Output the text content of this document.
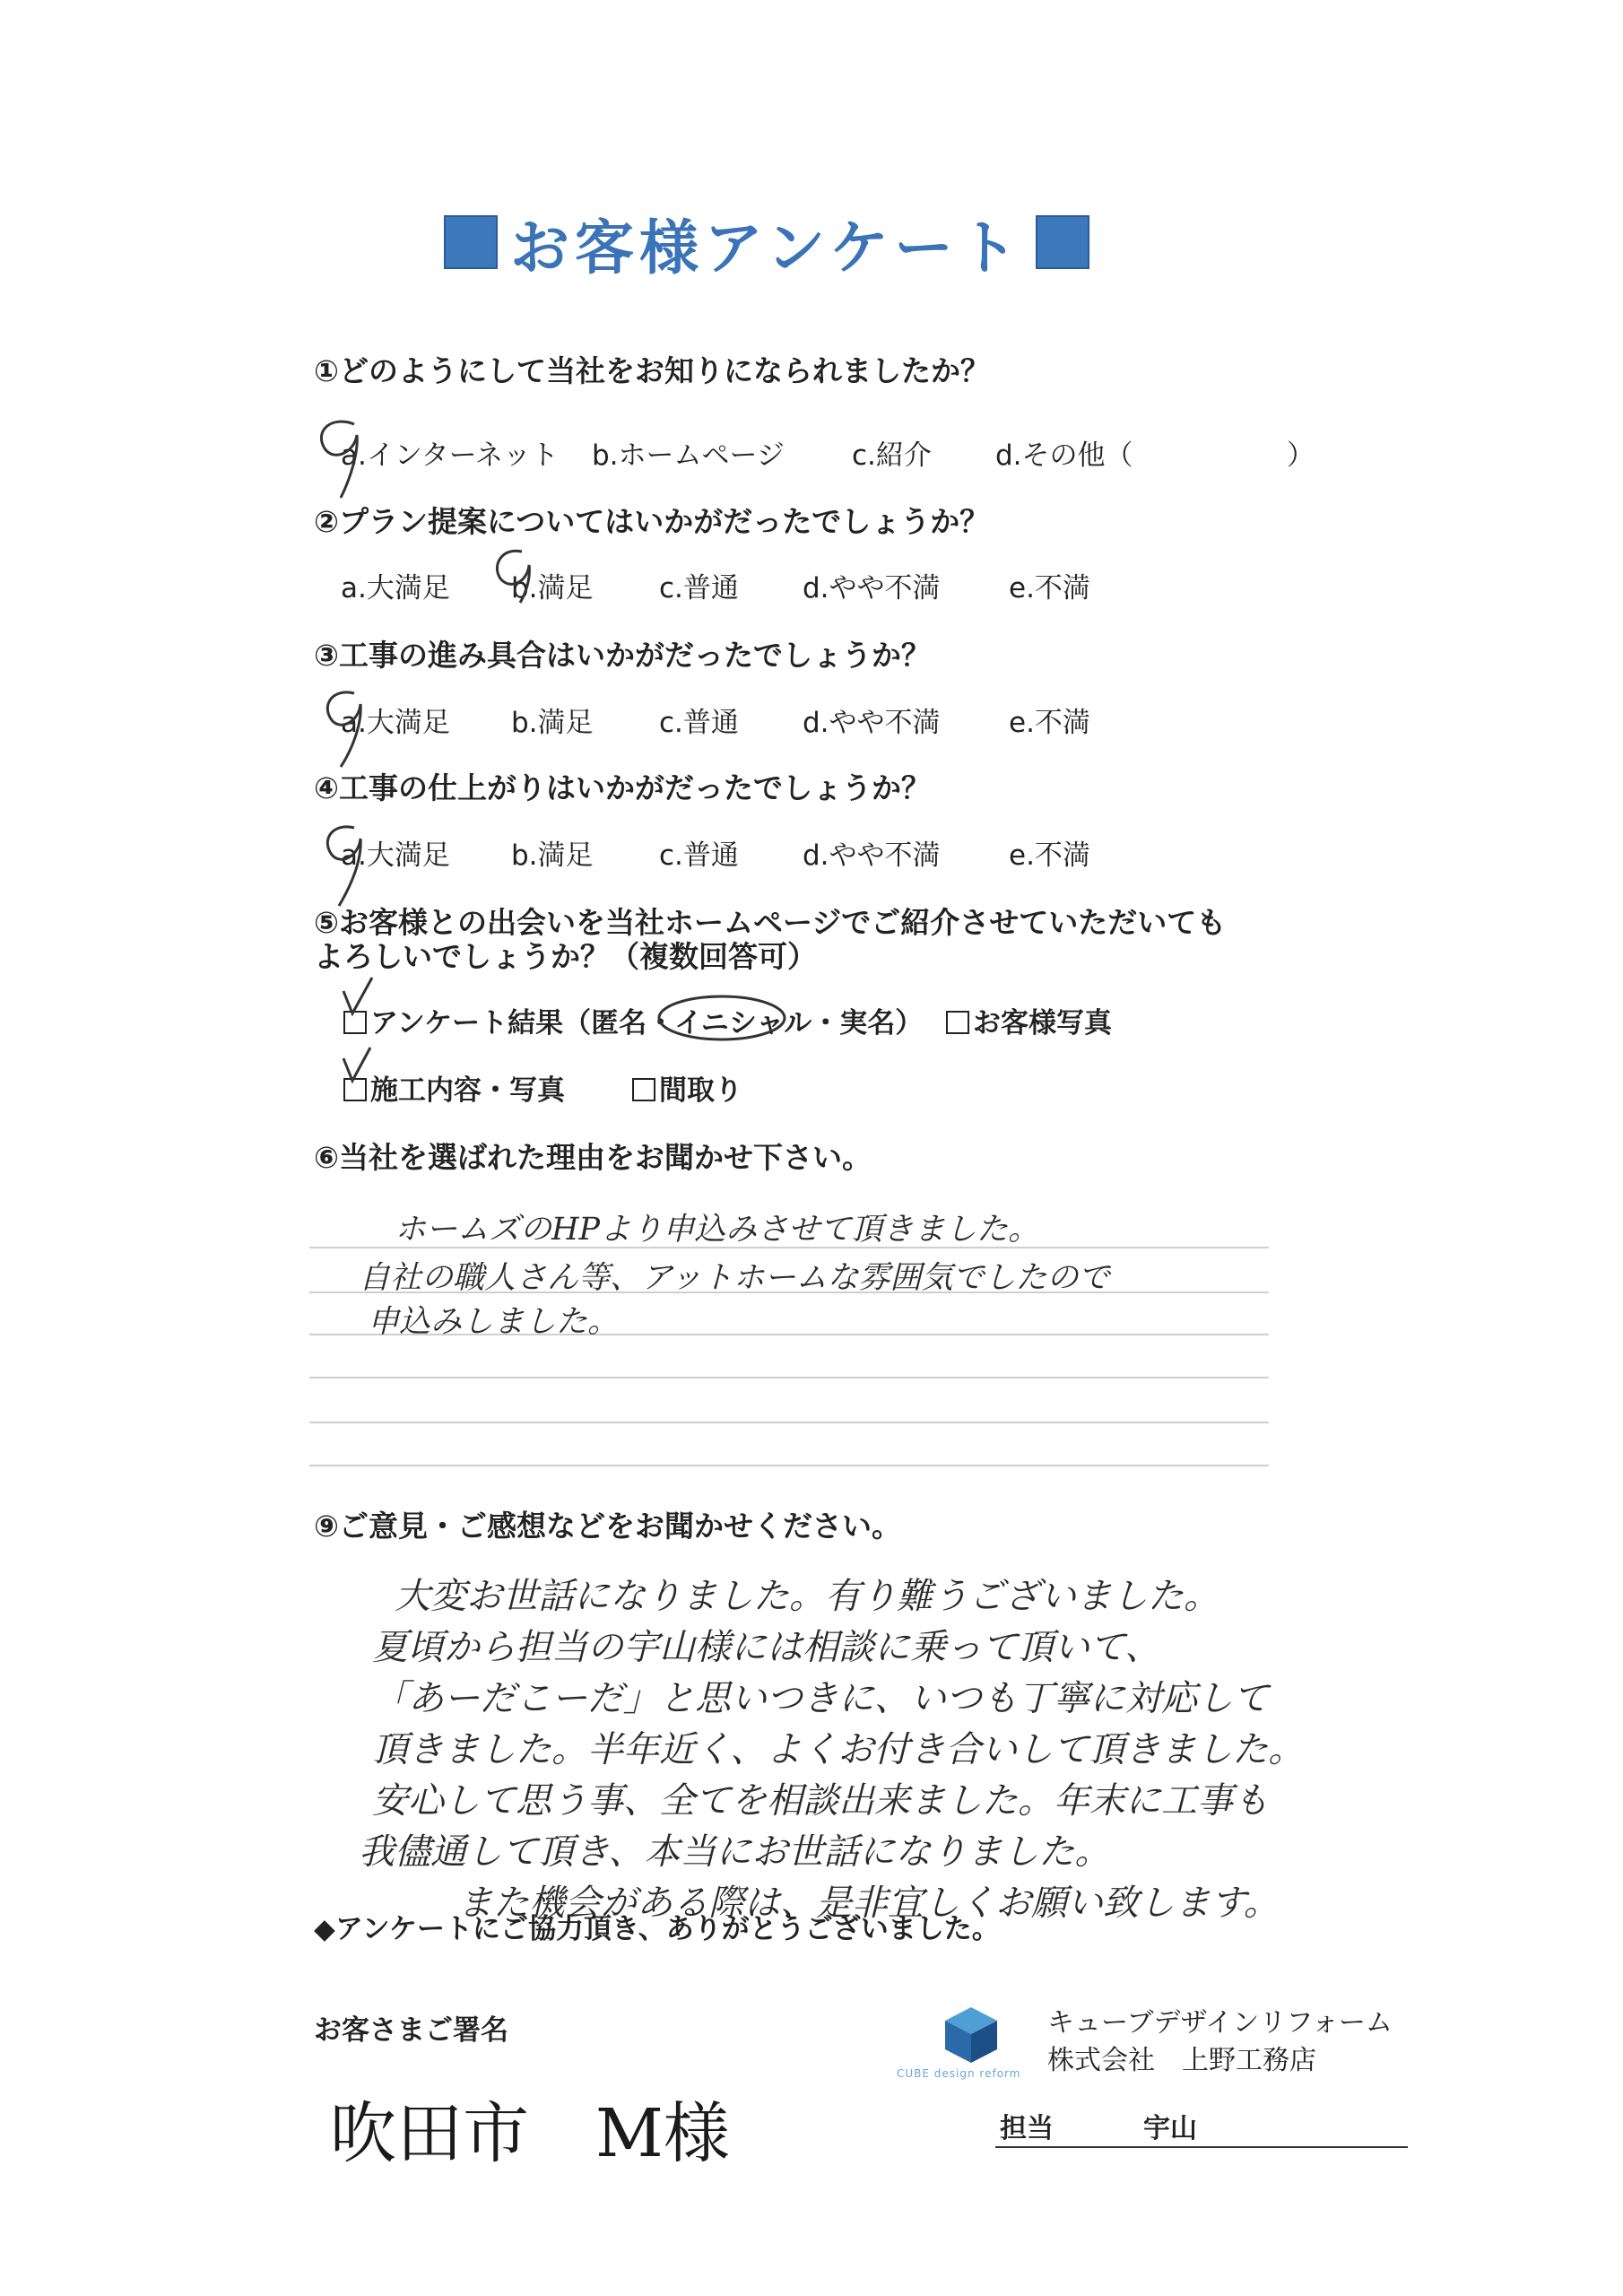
お客様アンケート
①どのようにして当社をお知りになられましたか？
a.インターネット b.ホームページ c.紹介 d.その他（	）
②プラン提案についてはいかがだったでしょうか？
a.大満足 b.満足 c.普通 d.やや不満 e.不満
③工事の進み具合はいかがだったでしょうか？
a.大満足 b.満足 c.普通 d.やや不満 e.不満
④工事の仕上がりはいかがだったでしょうか？
a.大満足 b.満足 c.普通 d.やや不満 e.不満
⑤お客様との出会いを当社ホームページでご紹介させていただいても
よろしいでしょうか？（複数回答可）
アンケート結果（匿名・イニシャル・実名）	お客様写真
施工内容・写真	間取り
⑥当社を選ばれた理由をお聞かせ下さい。
ホームズのHPより申込みさせて頂きました。
自社の職人さん等、アットホームな雰囲気でしたので
申込みしました。
⑨ご意見・ご感想などをお聞かせください。
大変お世話になりました。有り難うございました。
夏頃から担当の宇山様には相談に乗って頂いて、
「あーだこーだ」と思いつきに、いつも丁寧に対応して
頂きました。半年近く、よくお付き合いして頂きました。
安心して思う事、全てを相談出来ました。年末に工事も
我儘通して頂き、本当にお世話になりました。
また機会がある際は、是非宜しくお願い致します。
◆アンケートにご協力頂き、ありがとうございました。
お客さまご署名
吹田市　M様
CUBE design reform
キューブデザインリフォーム
株式会社　上野工務店
担当	宇山
